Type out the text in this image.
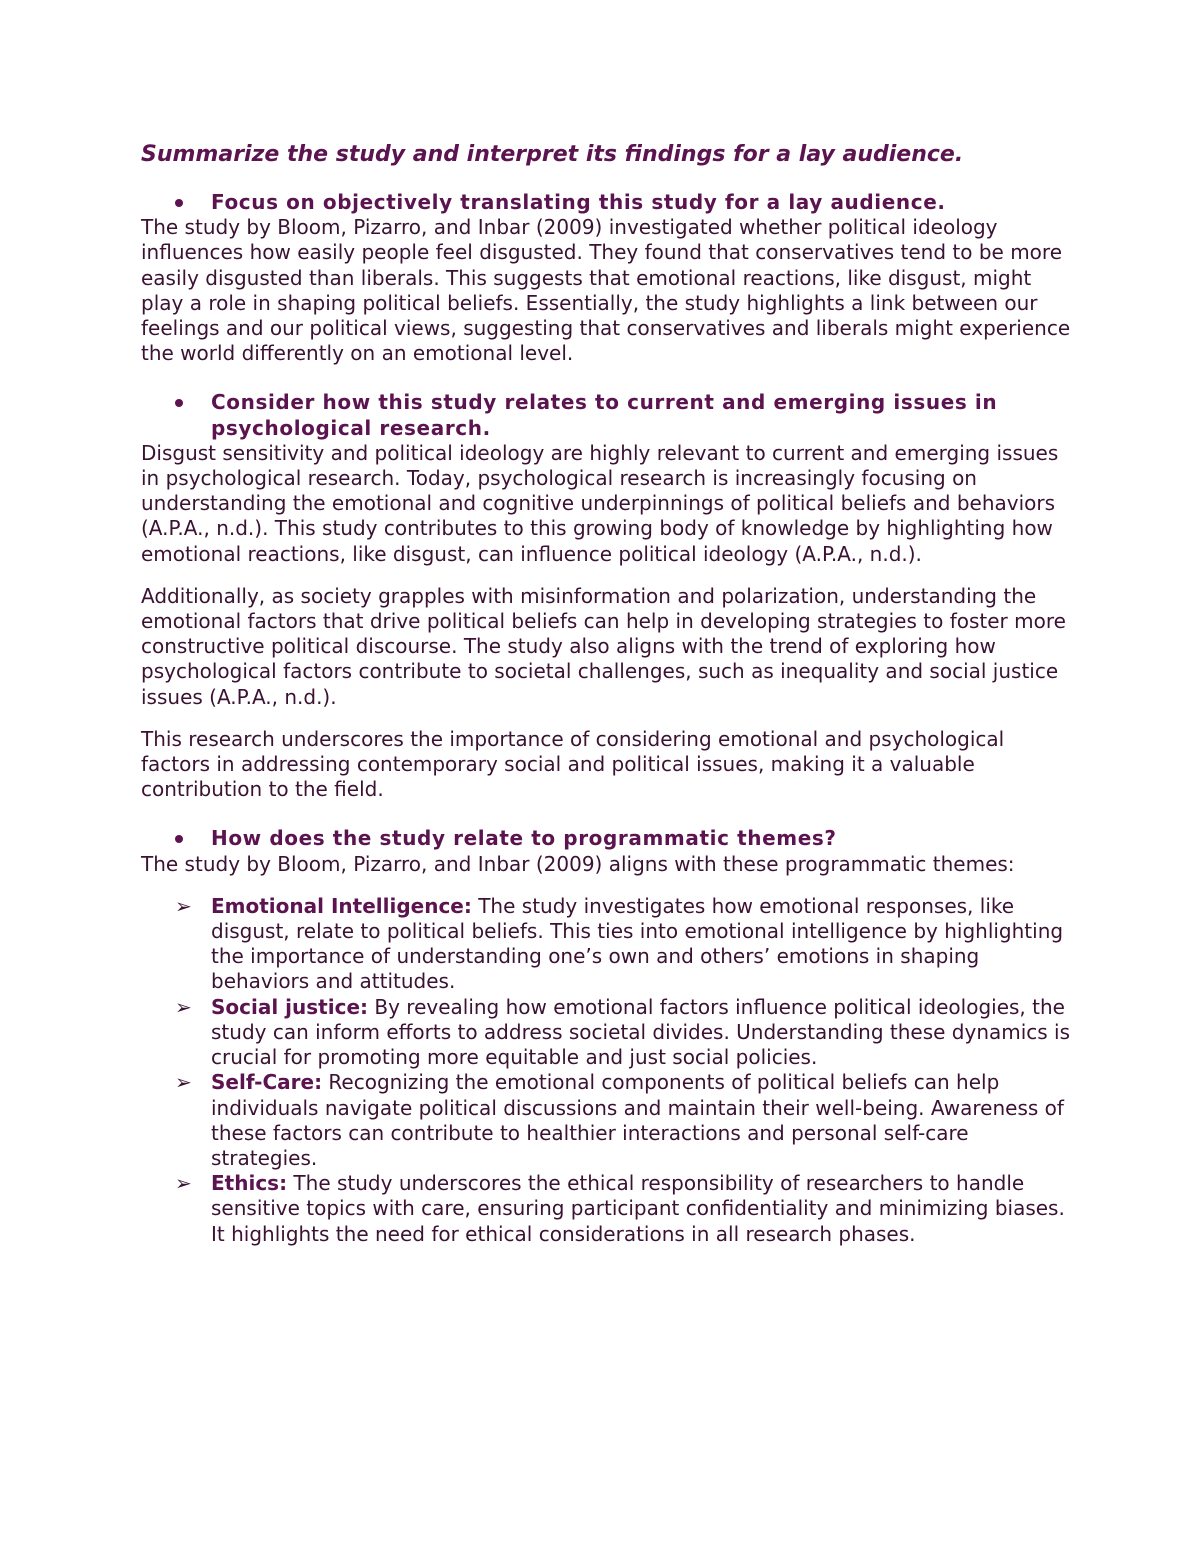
Summarize the study and interpret its findings for a lay audience.

Focus on objectively translating this study for a lay audience.

The study by Bloom, Pizarro, and Inbar (2009) investigated whether political ideology influences how easily people feel disgusted. They found that conservatives tend to be more easily disgusted than liberals. This suggests that emotional reactions, like disgust, might play a role in shaping political beliefs. Essentially, the study highlights a link between our feelings and our political views, suggesting that conservatives and liberals might experience the world differently on an emotional level.

Consider how this study relates to current and emerging issues in psychological research.

Disgust sensitivity and political ideology are highly relevant to current and emerging issues in psychological research. Today, psychological research is increasingly focusing on understanding the emotional and cognitive underpinnings of political beliefs and behaviors (A.P.A., n.d.). This study contributes to this growing body of knowledge by highlighting how emotional reactions, like disgust, can influence political ideology (A.P.A., n.d.).

Additionally, as society grapples with misinformation and polarization, understanding the emotional factors that drive political beliefs can help in developing strategies to foster more constructive political discourse. The study also aligns with the trend of exploring how psychological factors contribute to societal challenges, such as inequality and social justice issues (A.P.A., n.d.).

This research underscores the importance of considering emotional and psychological factors in addressing contemporary social and political issues, making it a valuable contribution to the field.

How does the study relate to programmatic themes?

The study by Bloom, Pizarro, and Inbar (2009) aligns with these programmatic themes:

➢ Emotional Intelligence: The study investigates how emotional responses, like disgust, relate to political beliefs. This ties into emotional intelligence by highlighting the importance of understanding one’s own and others’ emotions in shaping behaviors and attitudes.

➢ Social justice: By revealing how emotional factors influence political ideologies, the study can inform efforts to address societal divides. Understanding these dynamics is crucial for promoting more equitable and just social policies.

➢ Self-Care: Recognizing the emotional components of political beliefs can help individuals navigate political discussions and maintain their well-being. Awareness of these factors can contribute to healthier interactions and personal self-care strategies.

➢ Ethics: The study underscores the ethical responsibility of researchers to handle sensitive topics with care, ensuring participant confidentiality and minimizing biases. It highlights the need for ethical considerations in all research phases.
